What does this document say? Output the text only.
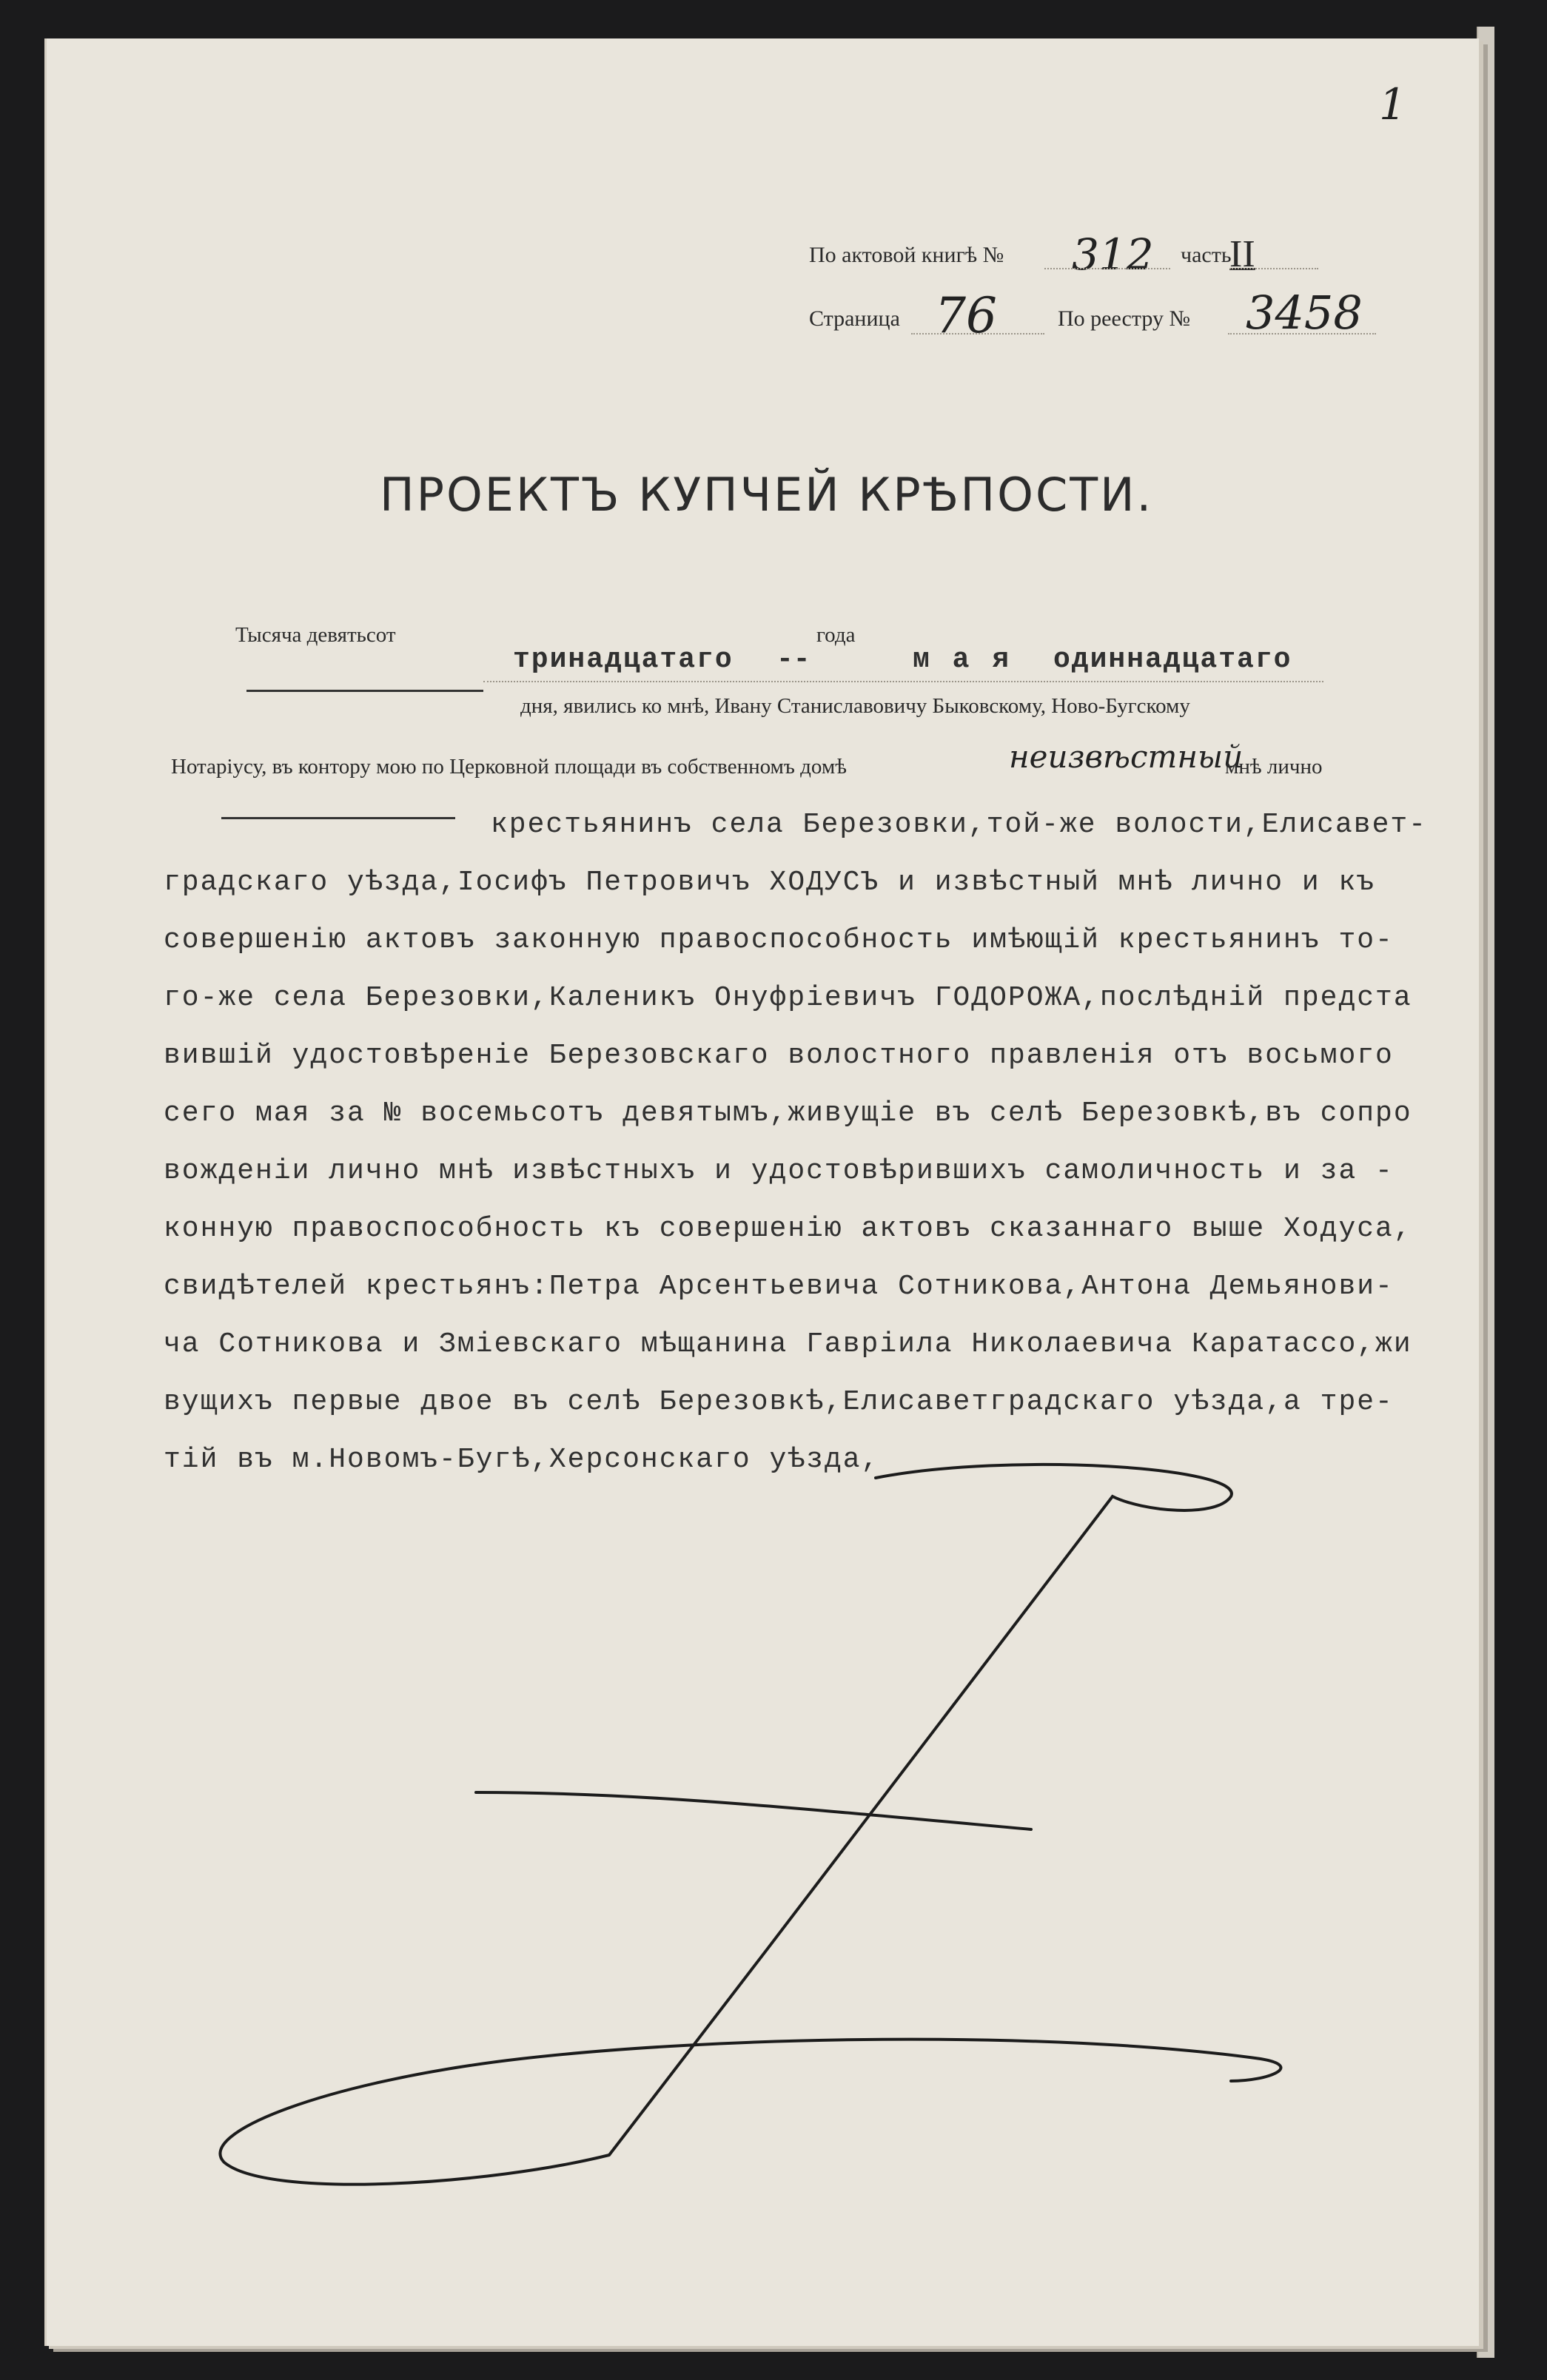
1
По актовой книгѣ № 312 часть
II
Страница 76	По реестру № 3458
ПРОЕКТЪ КУПЧЕЙ КРѢПОСТИ.
Тысяча девятьсот
тринадцатаго
года
--	м а я одиннадцатаго
дня, явились ко мнѣ, Ивану Станиславовичу Быковскому, Ново-Бугскому
Нотаріусу, въ контору мою по Церковной площади въ собственномъ домѣ	неизвѣстный
мнѣ лично
крестьянинъ села Березовки,той-же волости,Елисавет-
градскаго уѣзда,Іосифъ Петровичъ ХОДУСЪ и извѣстный мнѣ лично и къ
совершенію актовъ законную правоспособность имѣющій крестьянинъ то-
го-же села Березовки,Каленикъ Онуфріевичъ ГОДОРОЖА,послѣдній предста
вившій удостовѣреніе Березовскаго волостного правленія отъ восьмого
сего мая за № восемьсотъ девятымъ,живущіе въ селѣ Березовкѣ,въ сопро
вожденіи лично мнѣ извѣстныхъ и удостовѣрившихъ самоличность и за -
конную правоспособность къ совершенію актовъ сказаннаго выше Ходуса,
свидѣтелей крестьянъ:Петра Арсентьевича Сотникова,Антона Демьянови-
ча Сотникова и Зміевскаго мѣщанина Гавріила Николаевича Каратассо,жи
вущихъ первые двое въ селѣ Березовкѣ,Елисаветградскаго уѣзда,а тре-
тій въ м.Новомъ-Бугѣ,Херсонскаго уѣзда,
